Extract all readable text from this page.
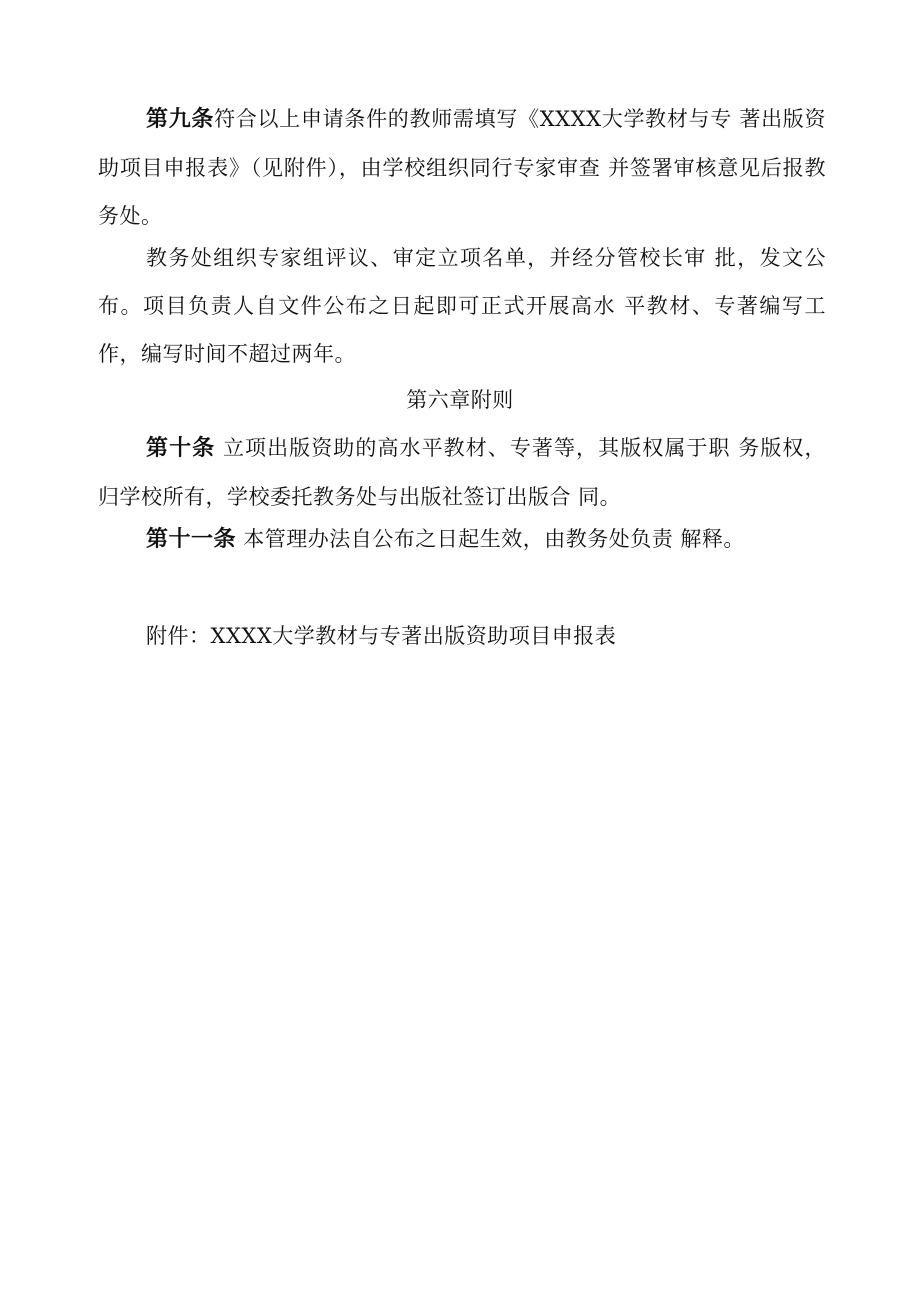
第九条符合以上申请条件的教师需填写《XXXX大学教材与专 著出版资助项目申报表》（见附件），由学校组织同行专家审查 并签署审核意见后报教务处。

教务处组织专家组评议、审定立项名单，并经分管校长审 批，发文公布。项目负责人自文件公布之日起即可正式开展高水 平教材、专著编写工作，编写时间不超过两年。

第六章附则

第十条 立项出版资助的高水平教材、专著等，其版权属于职 务版权，归学校所有，学校委托教务处与出版社签订出版合 同。

第十一条 本管理办法自公布之日起生效，由教务处负责 解释。

附件：XXXX大学教材与专著出版资助项目申报表
